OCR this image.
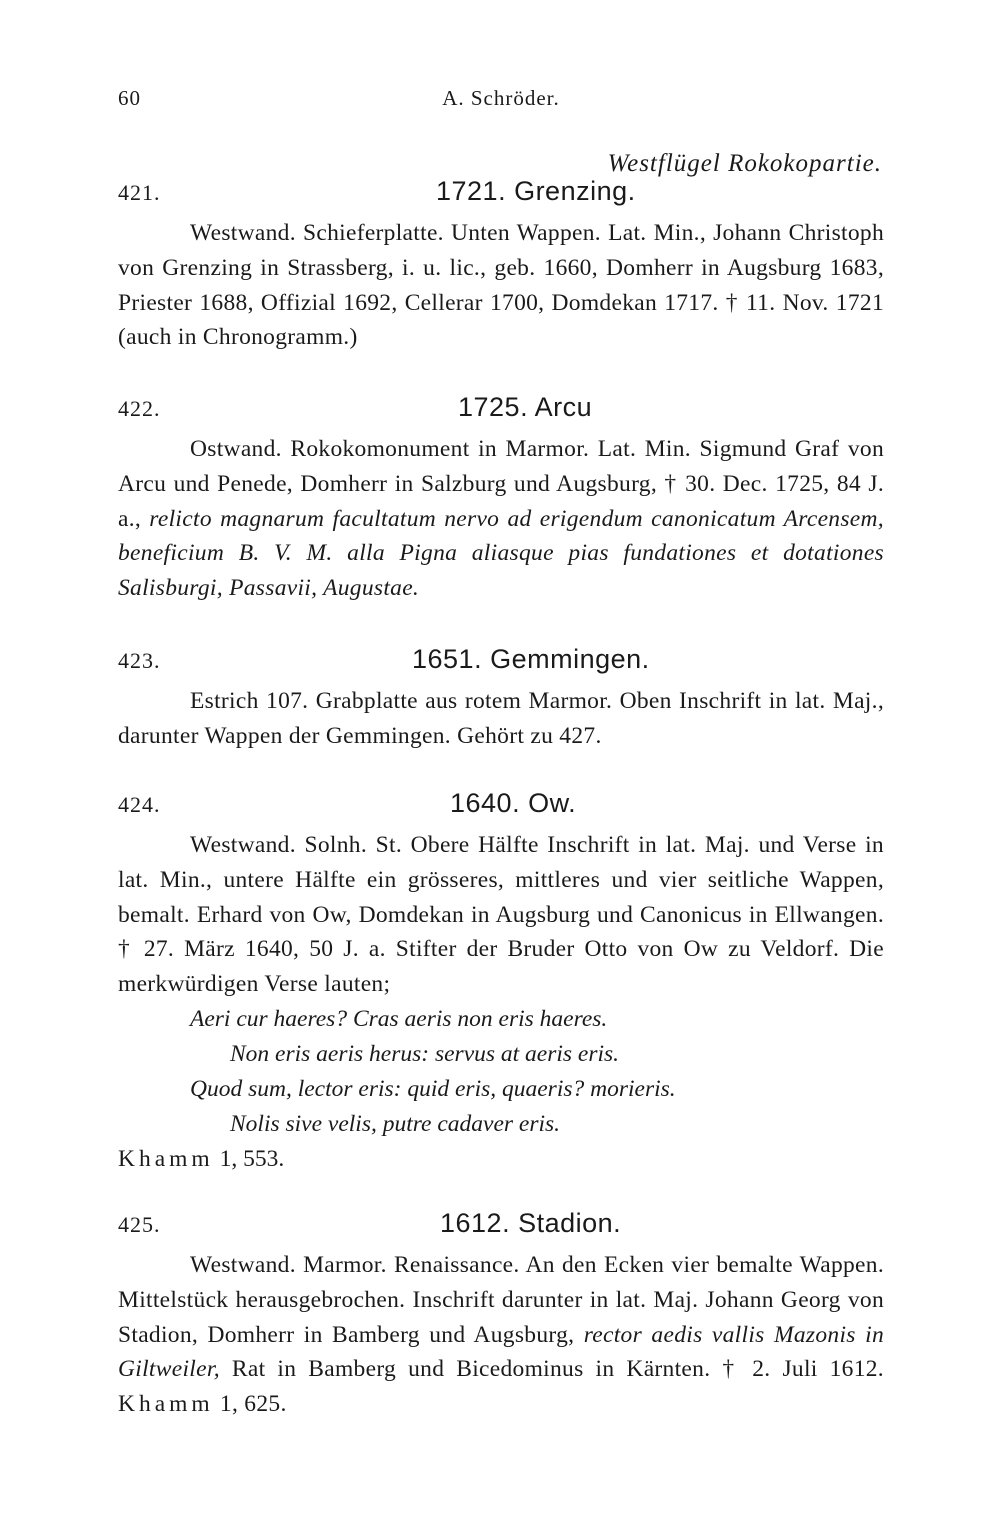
60	A. Schröder.
Westflügel Rokokopartie.
421.	1721. Grenzing.

Westwand. Schieferplatte. Unten Wappen. Lat. Min., Johann Christoph von Grenzing in Strassberg, i. u. lic., geb. 1660, Domherr in Augsburg 1683, Priester 1688, Offizial 1692, Cellerar 1700, Domdekan 1717. † 11. Nov. 1721 (auch in Chronogramm.)

422.	1725. Arcu

Ostwand. Rokokomonument in Marmor. Lat. Min. Sigmund Graf von Arcu und Penede, Domherr in Salzburg und Augsburg, † 30. Dec. 1725, 84 J. a., relicto magnarum facultatum nervo ad erigendum canonicatum Arcensem, beneficium B. V. M. alla Pigna aliasque pias fundationes et dotationes Salisburgi, Passavii, Augustae.

423.	1651. Gemmingen.

Estrich 107. Grabplatte aus rotem Marmor. Oben Inschrift in lat. Maj., darunter Wappen der Gemmingen. Gehört zu 427.

424.	1640. Ow.

Westwand. Solnh. St. Obere Hälfte Inschrift in lat. Maj. und Verse in lat. Min., untere Hälfte ein grösseres, mittleres und vier seitliche Wappen, bemalt. Erhard von Ow, Domdekan in Augsburg und Canonicus in Ellwangen. † 27. März 1640, 50 J. a. Stifter der Bruder Otto von Ow zu Veldorf. Die merkwürdigen Verse lauten;

Aeri cur haeres? Cras aeris non eris haeres.
Non eris aeris herus: servus at aeris eris.
Quod sum, lector eris: quid eris, quaeris? morieris.
Nolis sive velis, putre cadaver eris.

Khamm 1, 553.

425.	1612. Stadion.

Westwand. Marmor. Renaissance. An den Ecken vier bemalte Wappen. Mittelstück herausgebrochen. Inschrift darunter in lat. Maj. Johann Georg von Stadion, Domherr in Bamberg und Augsburg, rector aedis vallis Mazonis in Giltweiler, Rat in Bamberg und Bicedominus in Kärnten. † 2. Juli 1612. Khamm 1, 625.
